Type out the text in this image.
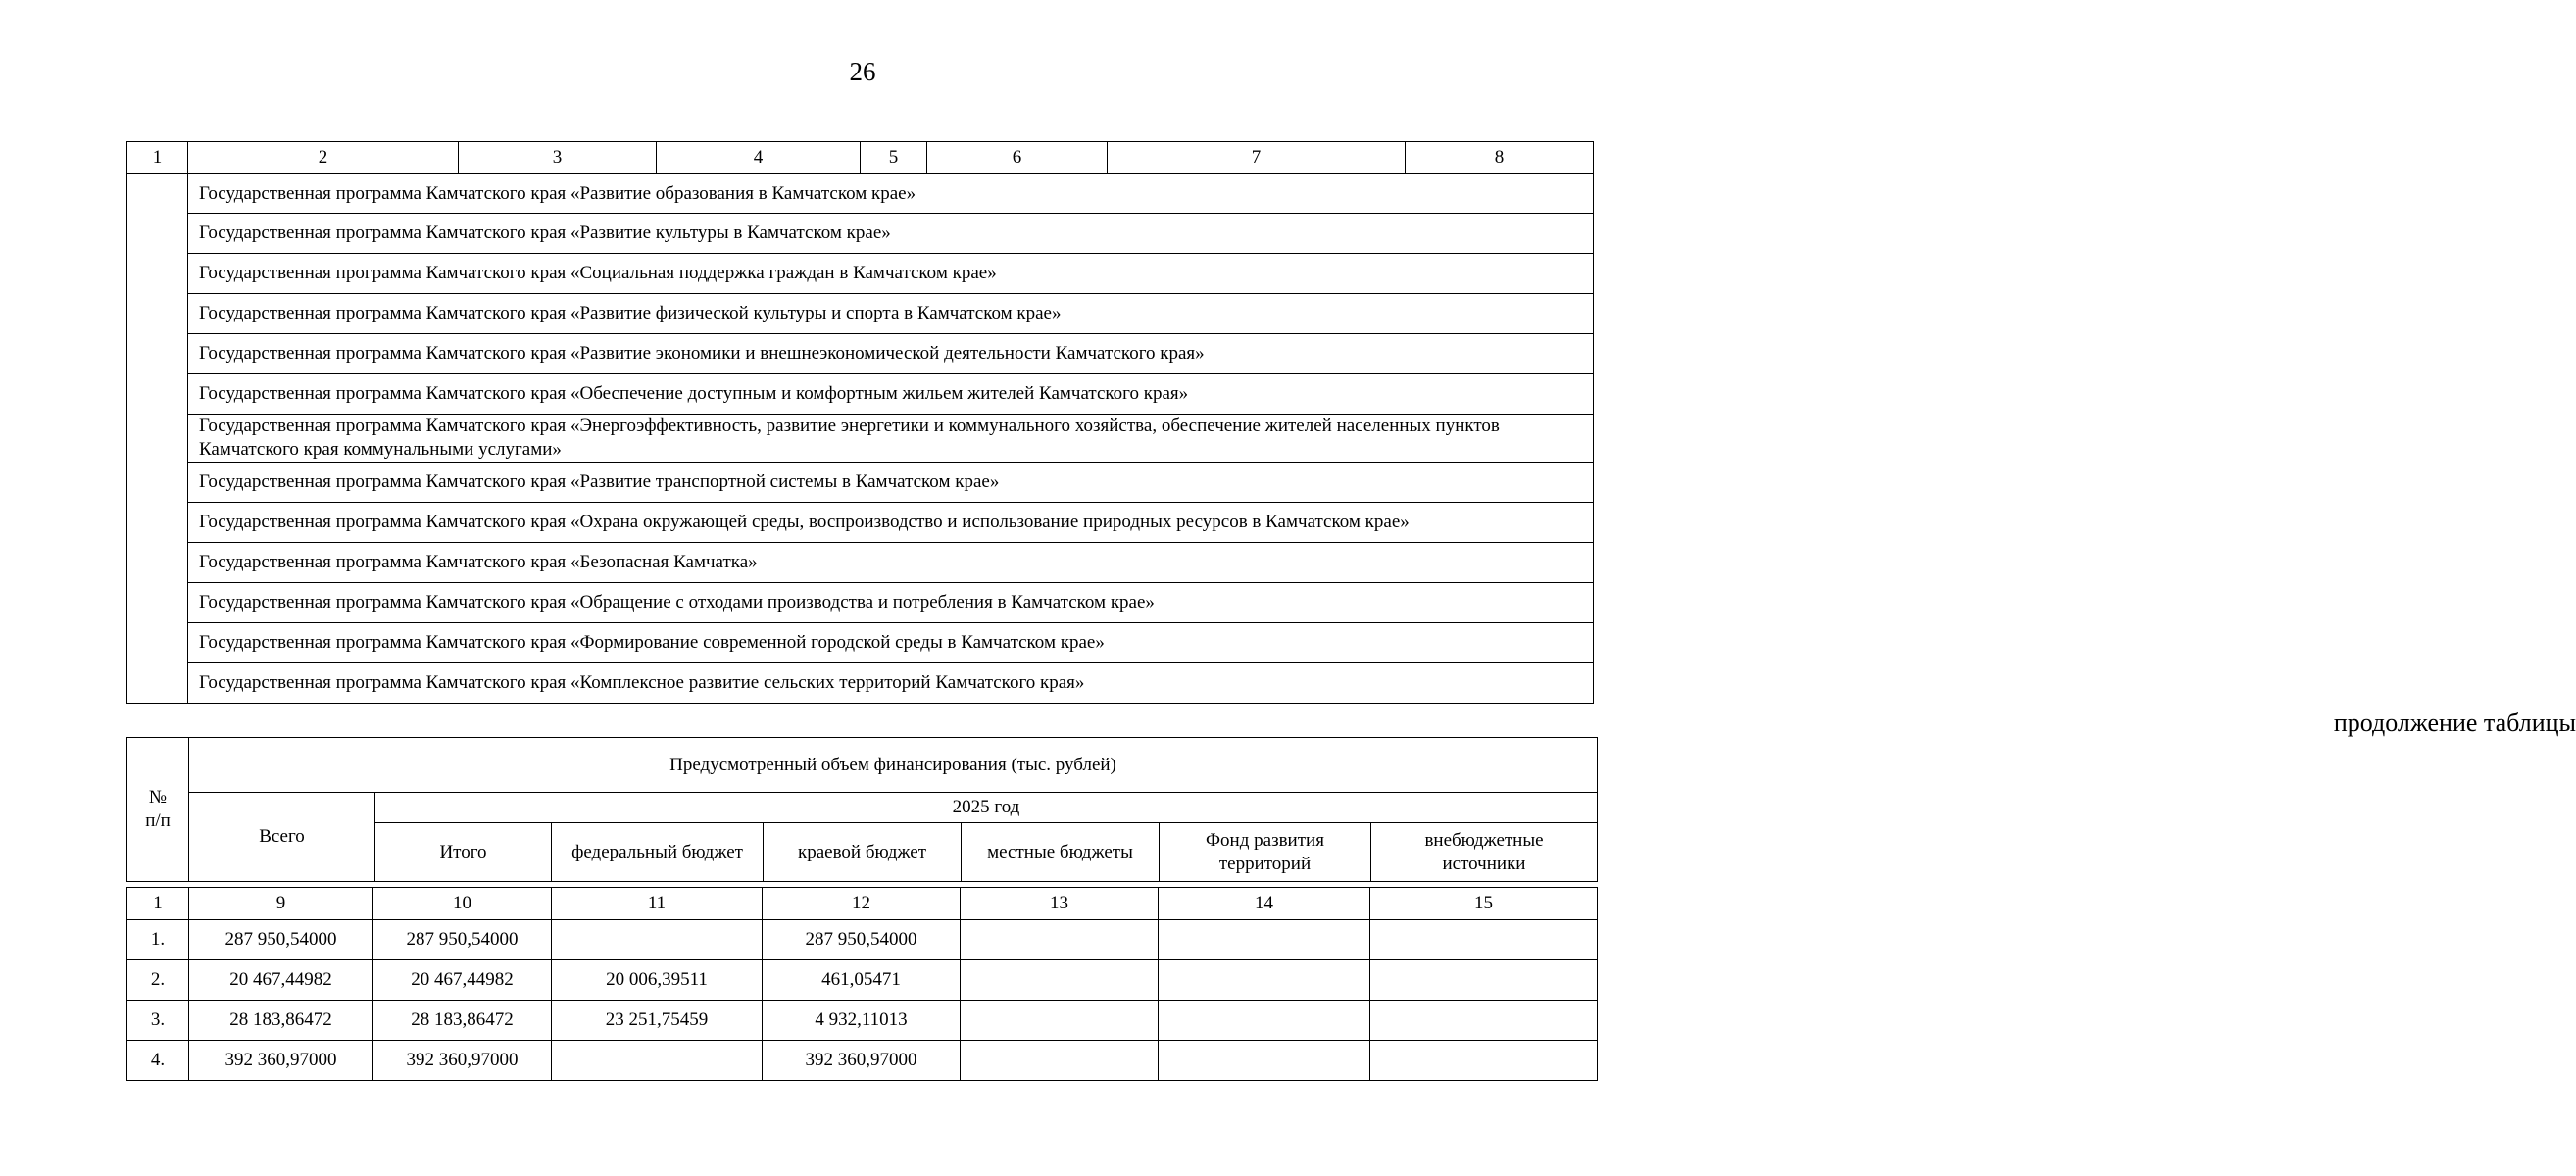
26
1	2	3	4	5	6	7	8
	Государственная программа Камчатского края «Развитие образования в Камчатском крае»						
	Государственная программа Камчатского края «Развитие культуры в Камчатском крае»						
	Государственная программа Камчатского края «Социальная поддержка граждан в Камчатском крае»						
	Государственная программа Камчатского края «Развитие физической культуры и спорта в Камчатском крае»						
	Государственная программа Камчатского края «Развитие экономики и внешнеэкономической деятельности Камчатского края»						
	Государственная программа Камчатского края «Обеспечение доступным и комфортным жильем жителей Камчатского края»						
	Государственная программа Камчатского края «Энергоэффективность, развитие энергетики и коммунального хозяйства, обеспечение жителей населенных пунктов Камчатского края коммунальными услугами»						
	Государственная программа Камчатского края «Развитие транспортной системы в Камчатском крае»						
	Государственная программа Камчатского края «Охрана окружающей среды, воспроизводство и использование природных ресурсов в Камчатском крае»						
	Государственная программа Камчатского края «Безопасная Камчатка»						
	Государственная программа Камчатского края «Обращение с отходами производства и потребления в Камчатском крае»						
	Государственная программа Камчатского края «Формирование современной городской среды в Камчатском крае»						
	Государственная программа Камчатского края «Комплексное развитие сельских территорий Камчатского края»						
продолжение таблицы
№ п/п	Предусмотренный объем финансирования (тыс. рублей)						
	Всего	2025 год					
		Итого	федеральный бюджет	краевой бюджет	местные бюджеты	Фонд развития территорий	внебюджетные источники
1	9	10	11	12	13	14	15
1.	287 950,54000	287 950,54000		287 950,54000			
2.	20 467,44982	20 467,44982	20 006,39511	461,05471			
3.	28 183,86472	28 183,86472	23 251,75459	4 932,11013			
4.	392 360,97000	392 360,97000		392 360,97000			
